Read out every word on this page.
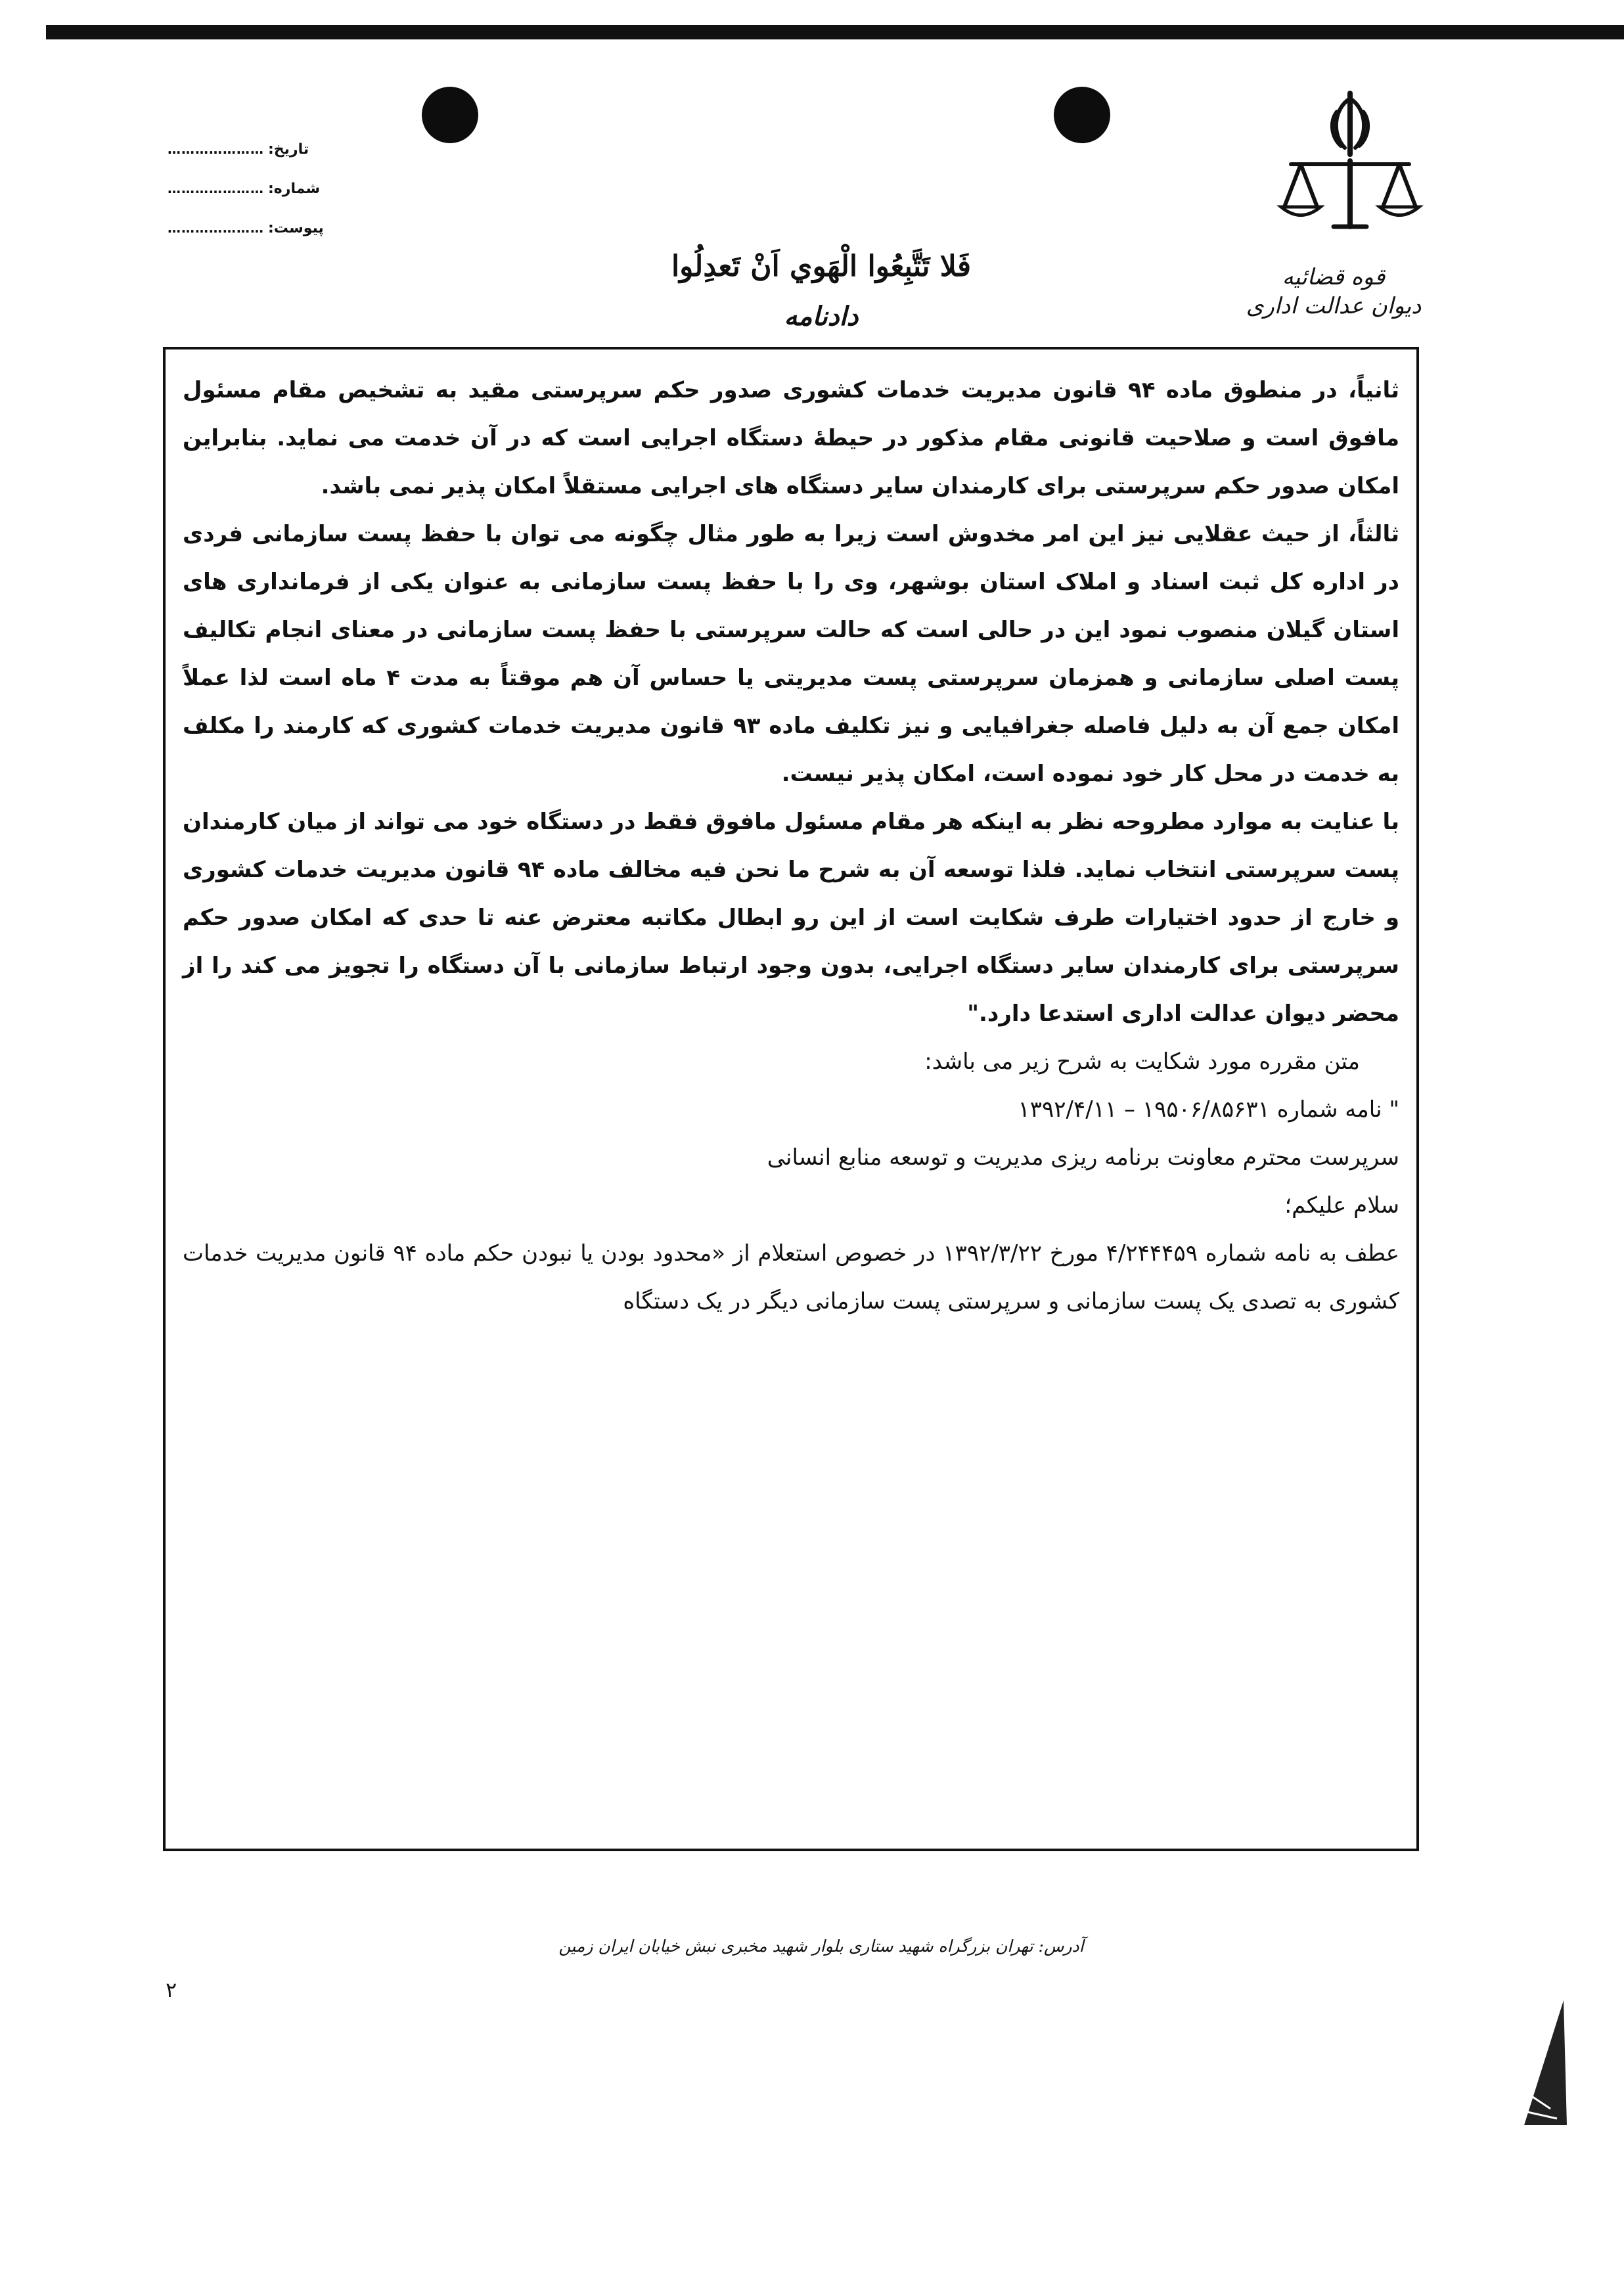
قوه قضائیه
دیوان عدالت اداری
تاریخ:
…………………
شماره:
…………………
پیوست:
…………………
فَلا تَتَّبِعُوا الْهَوي اَنْ تَعدِلُوا
دادنامه

ثانیاً، در منطوق ماده ۹۴ قانون مدیریت خدمات کشوری صدور حکم سرپرستی مقید به تشخیص مقام مسئول مافوق است و صلاحیت قانونی مقام مذکور در حیطهٔ دستگاه اجرایی است که در آن خدمت می نماید. بنابراین امکان صدور حکم سرپرستی برای کارمندان سایر دستگاه های اجرایی مستقلاً امکان پذیر نمی باشد.

ثالثاً، از حیث عقلایی نیز این امر مخدوش است زیرا به طور مثال چگونه می توان با حفظ پست سازمانی فردی در اداره کل ثبت اسناد و املاک استان بوشهر، وی را با حفظ پست سازمانی به عنوان یکی از فرمانداری های استان گیلان منصوب نمود این در حالی است که حالت سرپرستی با حفظ پست سازمانی در معنای انجام تکالیف پست اصلی سازمانی و همزمان سرپرستی پست مدیریتی یا حساس آن هم موقتاً به مدت ۴ ماه است لذا عملاً امکان جمع آن به دلیل فاصله جغرافیایی و نیز تکلیف ماده ۹۳ قانون مدیریت خدمات کشوری که کارمند را مکلف به خدمت در محل کار خود نموده است، امکان پذیر نیست.

با عنایت به موارد مطروحه نظر به اینکه هر مقام مسئول مافوق فقط در دستگاه خود می تواند از میان کارمندان پست سرپرستی انتخاب نماید. فلذا توسعه آن به شرح ما نحن فیه مخالف ماده ۹۴ قانون مدیریت خدمات کشوری و خارج از حدود اختیارات طرف شکایت است از این رو ابطال مکاتبه معترض عنه تا حدی که امکان صدور حکم سرپرستی برای کارمندان سایر دستگاه اجرایی، بدون وجود ارتباط سازمانی با آن دستگاه را تجویز می کند را از محضر دیوان عدالت اداری استدعا دارد."

متن مقرره مورد شکایت به شرح زیر می باشد:

" نامه شماره ۱۹۵۰۶/۸۵۶۳۱ – ۱۳۹۲/۴/۱۱

سرپرست محترم معاونت برنامه ریزی مدیریت و توسعه منابع انسانی

سلام علیکم؛

عطف به نامه شماره ۴/۲۴۴۴۵۹ مورخ ۱۳۹۲/۳/۲۲ در خصوص استعلام از «محدود بودن یا نبودن حکم ماده ۹۴ قانون مدیریت خدمات کشوری به تصدی یک پست سازمانی و سرپرستی پست سازمانی دیگر در یک دستگاه

آدرس: تهران بزرگراه شهید ستاری بلوار شهید مخبری نبش خیابان ایران زمین
۲
